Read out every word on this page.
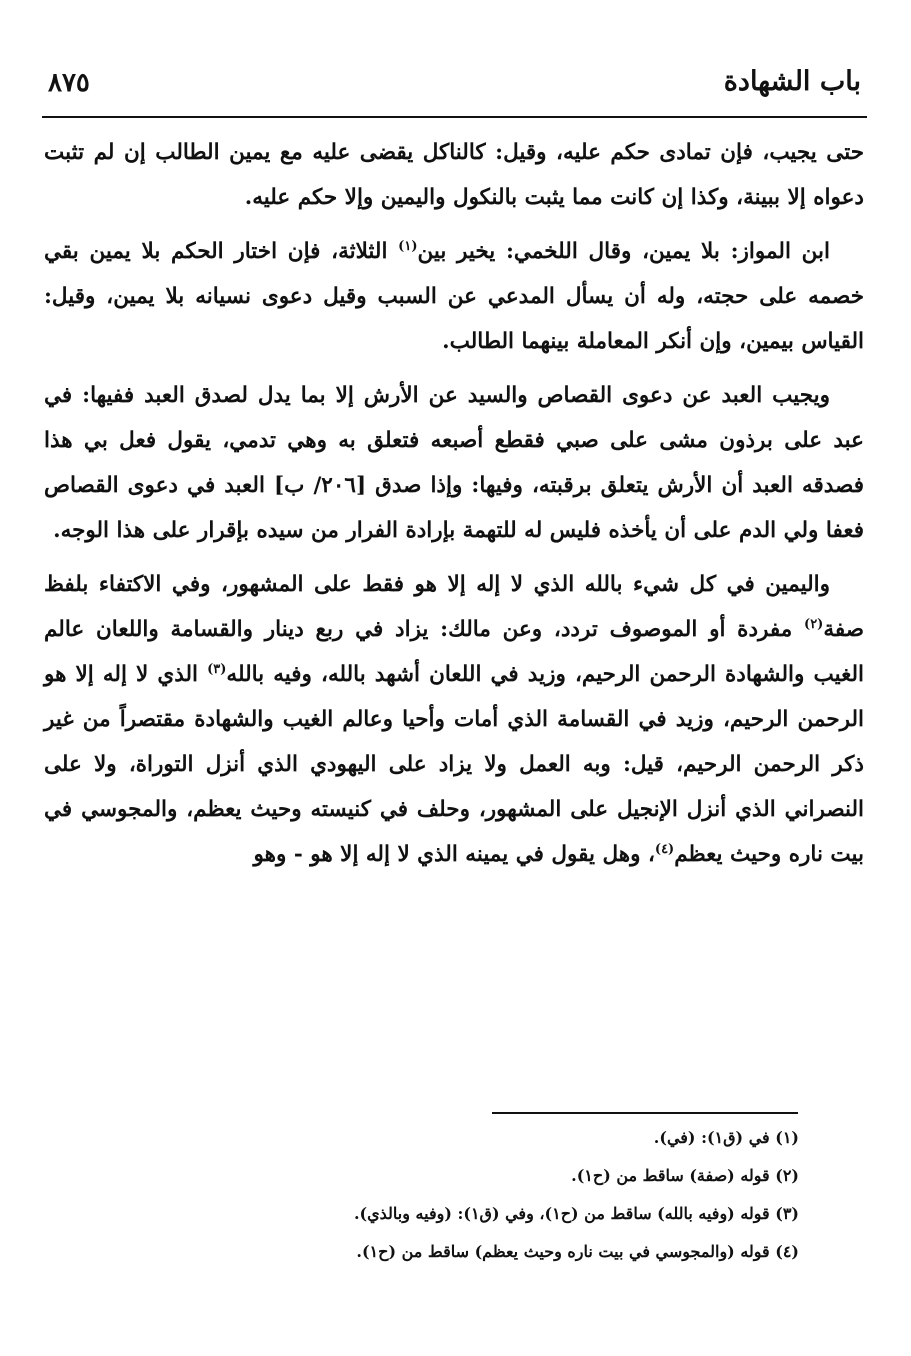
باب الشهادة
٨٧٥

حتى يجيب، فإن تمادى حكم عليه، وقيل: كالناكل يقضى عليه مع يمين الطالب إن لم تثبت دعواه إلا ببينة، وكذا إن كانت مما يثبت بالنكول واليمين وإلا حكم عليه.

ابن المواز: بلا يمين، وقال اللخمي: يخير بين$^{(١)}$ الثلاثة، فإن اختار الحكم بلا يمين بقي خصمه على حجته، وله أن يسأل المدعي عن السبب وقيل دعوى نسيانه بلا يمين، وقيل: القياس بيمين، وإن أنكر المعاملة بينهما الطالب.

ويجيب العبد عن دعوى القصاص والسيد عن الأرش إلا بما يدل لصدق العبد ففيها: في عبد على برذون مشى على صبي فقطع أصبعه فتعلق به وهي تدمي، يقول فعل بي هذا فصدقه العبد أن الأرش يتعلق برقبته، وفيها: وإذا صدق [٢٠٦/ ب] العبد في دعوى القصاص فعفا ولي الدم على أن يأخذه فليس له للتهمة بإرادة الفرار من سيده بإقرار على هذا الوجه.

واليمين في كل شيء بالله الذي لا إله إلا هو فقط على المشهور، وفي الاكتفاء بلفظ صفة$^{(٢)}$ مفردة أو الموصوف تردد، وعن مالك: يزاد في ربع دينار والقسامة واللعان عالم الغيب والشهادة الرحمن الرحيم، وزيد في اللعان أشهد بالله، وفيه بالله$^{(٣)}$ الذي لا إله إلا هو الرحمن الرحيم، وزيد في القسامة الذي أمات وأحيا وعالم الغيب والشهادة مقتصراً من غير ذكر الرحمن الرحيم، قيل: وبه العمل ولا يزاد على اليهودي الذي أنزل التوراة، ولا على النصراني الذي أنزل الإنجيل على المشهور، وحلف في كنيسته وحيث يعظم، والمجوسي في بيت ناره وحيث يعظم$^{(٤)}$، وهل يقول في يمينه الذي لا إله إلا هو - وهو

(١) في (ق١): (في).
(٢) قوله (صفة) ساقط من (ح١).
(٣) قوله (وفيه بالله) ساقط من (ح١)، وفي (ق١): (وفيه وبالذي).
(٤) قوله (والمجوسي في بيت ناره وحيث يعظم) ساقط من (ح١).
